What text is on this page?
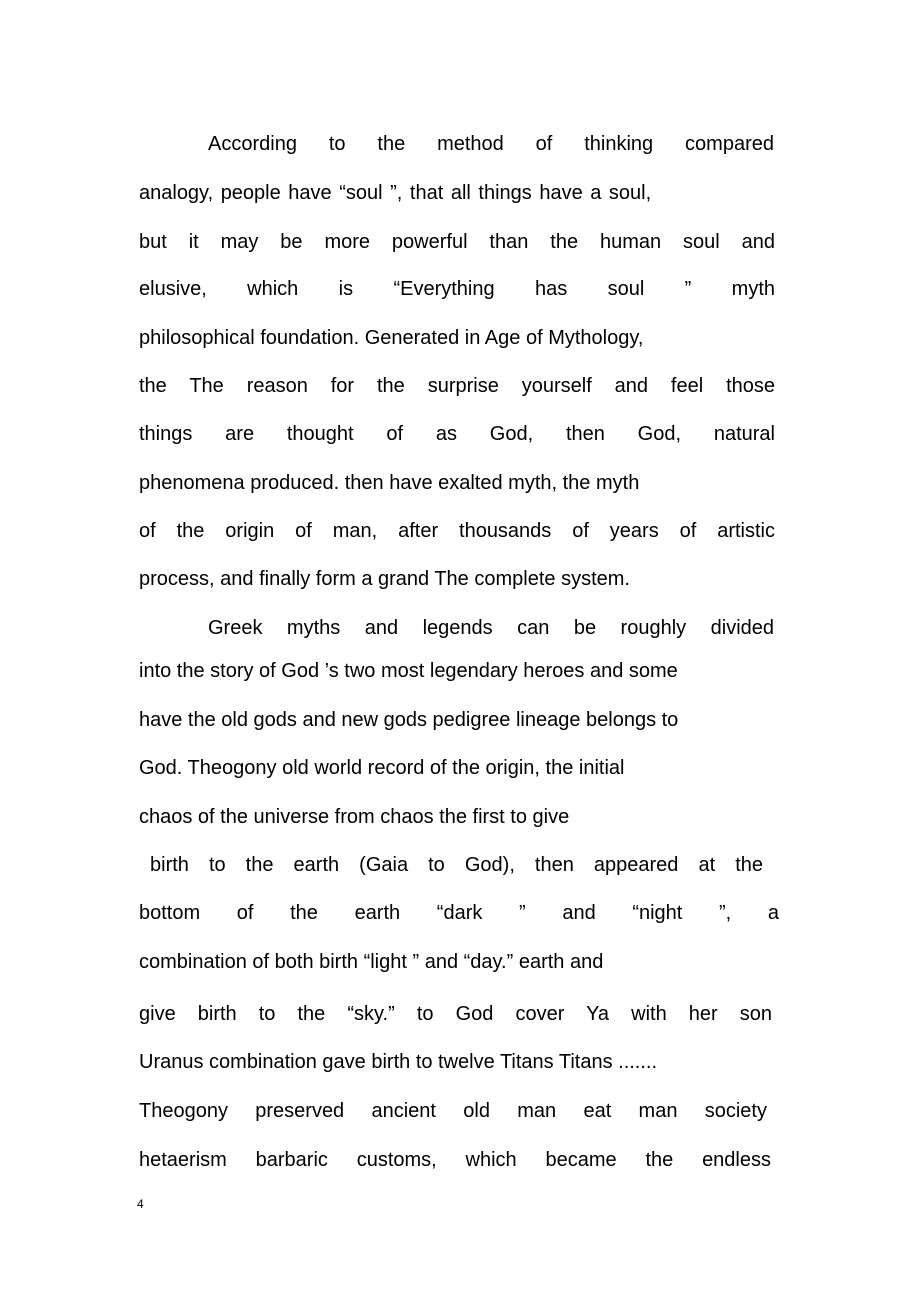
According to the method of thinking compared

analogy, people have “soul ”, that all things have a soul,

but it may be more powerful than the human soul and

elusive, which is “Everything has soul ” myth

philosophical foundation. Generated in Age of Mythology,

the The reason for the surprise yourself and feel those

things are thought of as God, then God, natural

phenomena produced. then have exalted myth, the myth

of the origin of man, after thousands of years of artistic

process, and finally form a grand The complete system.

Greek myths and legends can be roughly divided

into the story of God ’s two most legendary heroes and some

have the old gods and new gods pedigree lineage belongs to

God. Theogony old world record of the origin, the initial

chaos of the universe from chaos the first to give

birth to the earth (Gaia to God), then appeared at the

bottom of the earth “dark ” and “night ”, a

combination of both birth “light ” and “day.” earth and

give birth to the “sky.” to God cover Ya with her son

Uranus combination gave birth to twelve Titans Titans .......

Theogony preserved ancient old man eat man society

hetaerism barbaric customs, which became the endless

4
